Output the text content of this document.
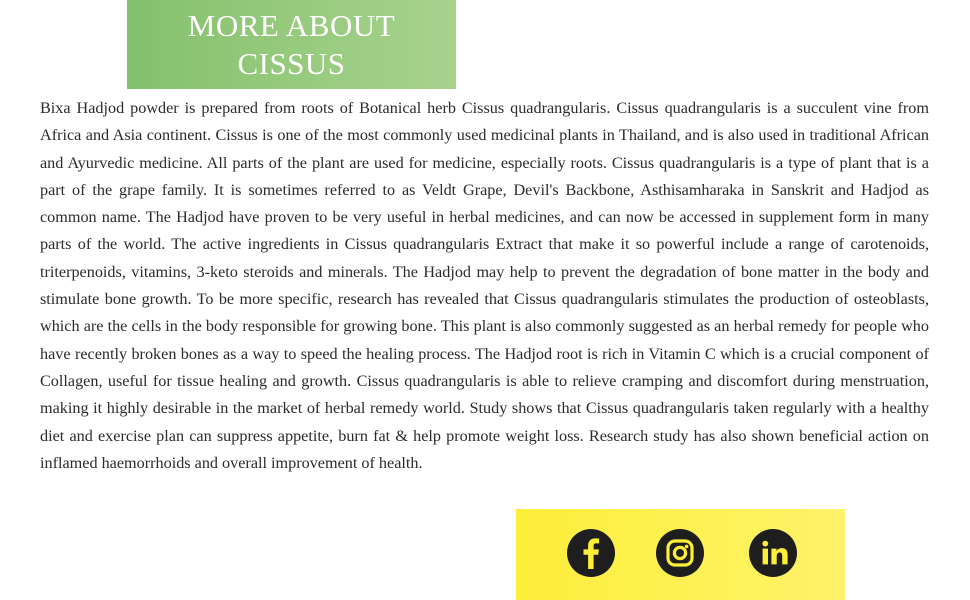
MORE ABOUT CISSUS

Bixa Hadjod powder is prepared from roots of Botanical herb Cissus quadrangularis. Cissus quadrangularis is a succulent vine from Africa and Asia continent. Cissus is one of the most commonly used medicinal plants in Thailand, and is also used in traditional African and Ayurvedic medicine. All parts of the plant are used for medicine, especially roots. Cissus quadrangularis is a type of plant that is a part of the grape family. It is sometimes referred to as Veldt Grape, Devil's Backbone, Asthisamharaka in Sanskrit and Hadjod as common name. The Hadjod have proven to be very useful in herbal medicines, and can now be accessed in supplement form in many parts of the world. The active ingredients in Cissus quadrangularis Extract that make it so powerful include a range of carotenoids, triterpenoids, vitamins, 3-keto steroids and minerals. The Hadjod may help to prevent the degradation of bone matter in the body and stimulate bone growth. To be more specific, research has revealed that Cissus quadrangularis stimulates the production of osteoblasts, which are the cells in the body responsible for growing bone. This plant is also commonly suggested as an herbal remedy for people who have recently broken bones as a way to speed the healing process. The Hadjod root is rich in Vitamin C which is a crucial component of Collagen, useful for tissue healing and growth. Cissus quadrangularis is able to relieve cramping and discomfort during menstruation, making it highly desirable in the market of herbal remedy world. Study shows that Cissus quadrangularis taken regularly with a healthy diet and exercise plan can suppress appetite, burn fat & help promote weight loss. Research study has also shown beneficial action on inflamed haemorrhoids and overall improvement of health.
